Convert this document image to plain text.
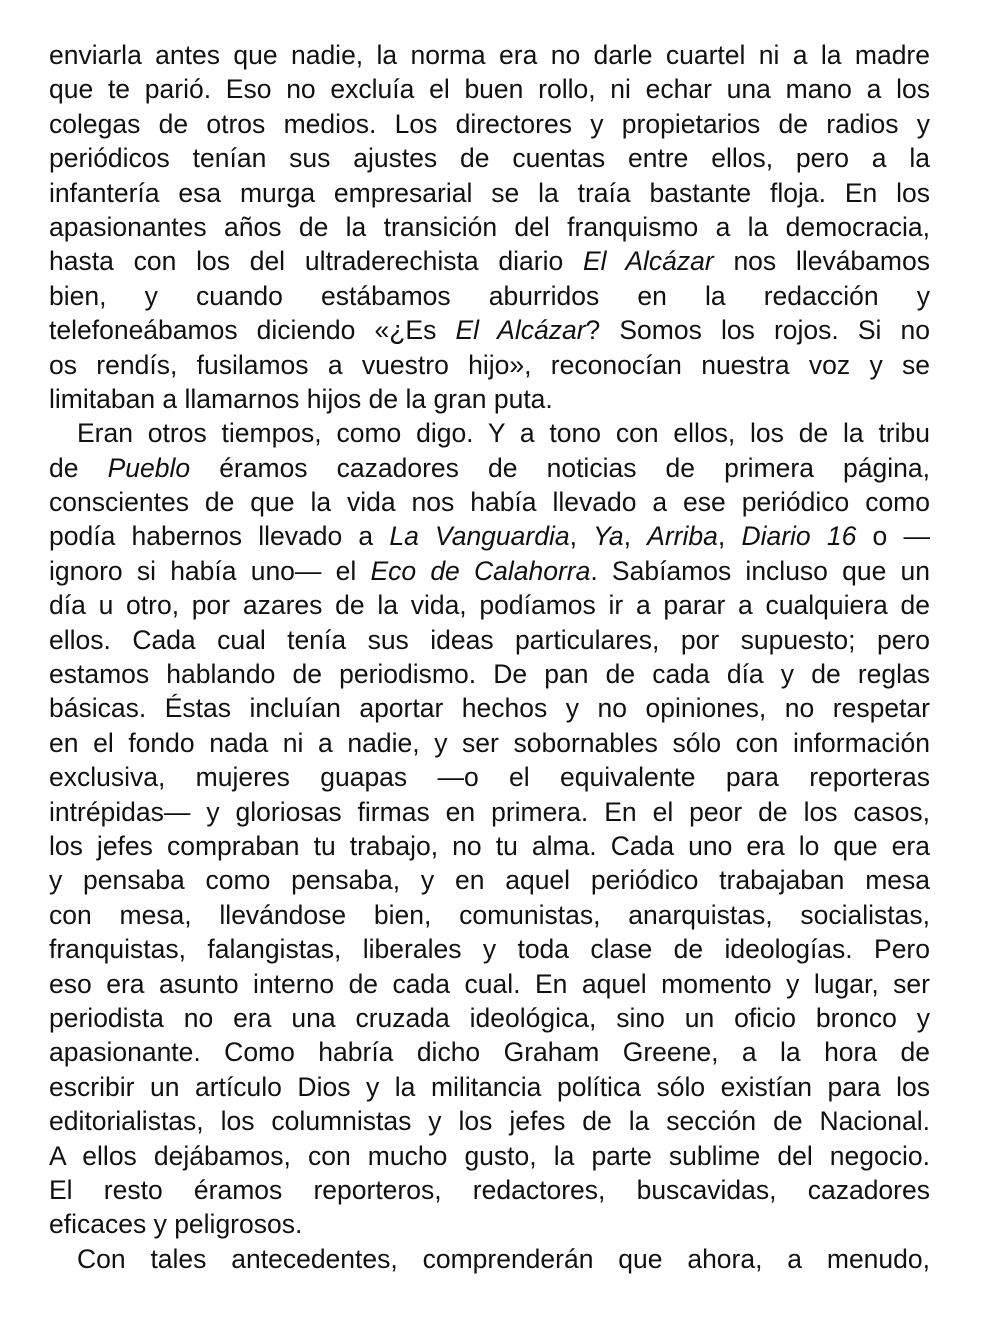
enviarla antes que nadie, la norma era no darle cuartel ni a la madre
que te parió. Eso no excluía el buen rollo, ni echar una mano a los
colegas de otros medios. Los directores y propietarios de radios y
periódicos tenían sus ajustes de cuentas entre ellos, pero a la
infantería esa murga empresarial se la traía bastante floja. En los
apasionantes años de la transición del franquismo a la democracia,
hasta con los del ultraderechista diario El Alcázar nos llevábamos
bien, y cuando estábamos aburridos en la redacción y
telefoneábamos diciendo «¿Es El Alcázar? Somos los rojos. Si no
os rendís, fusilamos a vuestro hijo», reconocían nuestra voz y se
limitaban a llamarnos hijos de la gran puta.
Eran otros tiempos, como digo. Y a tono con ellos, los de la tribu
de Pueblo éramos cazadores de noticias de primera página,
conscientes de que la vida nos había llevado a ese periódico como
podía habernos llevado a La Vanguardia, Ya, Arriba, Diario 16 o —
ignoro si había uno— el Eco de Calahorra. Sabíamos incluso que un
día u otro, por azares de la vida, podíamos ir a parar a cualquiera de
ellos. Cada cual tenía sus ideas particulares, por supuesto; pero
estamos hablando de periodismo. De pan de cada día y de reglas
básicas. Éstas incluían aportar hechos y no opiniones, no respetar
en el fondo nada ni a nadie, y ser sobornables sólo con información
exclusiva, mujeres guapas —o el equivalente para reporteras
intrépidas— y gloriosas firmas en primera. En el peor de los casos,
los jefes compraban tu trabajo, no tu alma. Cada uno era lo que era
y pensaba como pensaba, y en aquel periódico trabajaban mesa
con mesa, llevándose bien, comunistas, anarquistas, socialistas,
franquistas, falangistas, liberales y toda clase de ideologías. Pero
eso era asunto interno de cada cual. En aquel momento y lugar, ser
periodista no era una cruzada ideológica, sino un oficio bronco y
apasionante. Como habría dicho Graham Greene, a la hora de
escribir un artículo Dios y la militancia política sólo existían para los
editorialistas, los columnistas y los jefes de la sección de Nacional.
A ellos dejábamos, con mucho gusto, la parte sublime del negocio.
El resto éramos reporteros, redactores, buscavidas, cazadores
eficaces y peligrosos.
Con tales antecedentes, comprenderán que ahora, a menudo,
